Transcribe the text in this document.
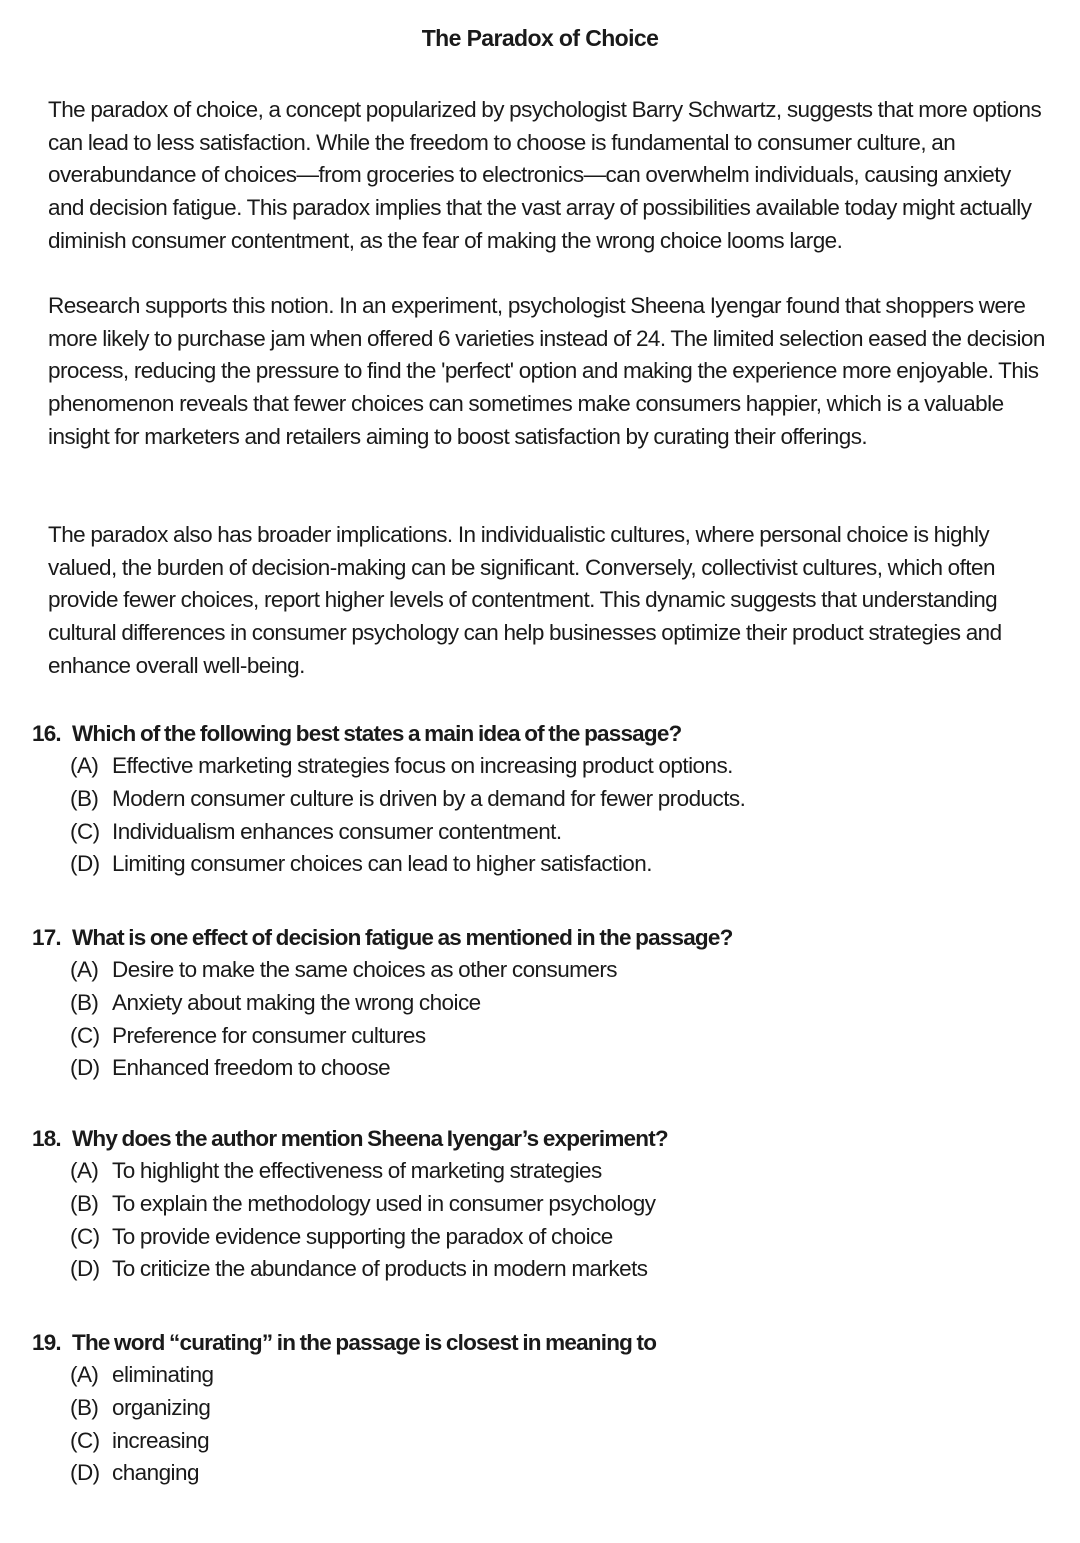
The Paradox of Choice

The paradox of choice, a concept popularized by psychologist Barry Schwartz, suggests that more options can lead to less satisfaction. While the freedom to choose is fundamental to consumer culture, an overabundance of choices—from groceries to electronics—can overwhelm individuals, causing anxiety and decision fatigue. This paradox implies that the vast array of possibilities available today might actually diminish consumer contentment, as the fear of making the wrong choice looms large.

Research supports this notion. In an experiment, psychologist Sheena Iyengar found that shoppers were more likely to purchase jam when offered 6 varieties instead of 24. The limited selection eased the decision process, reducing the pressure to find the 'perfect' option and making the experience more enjoyable. This phenomenon reveals that fewer choices can sometimes make consumers happier, which is a valuable insight for marketers and retailers aiming to boost satisfaction by curating their offerings.

The paradox also has broader implications. In individualistic cultures, where personal choice is highly valued, the burden of decision-making can be significant. Conversely, collectivist cultures, which often provide fewer choices, report higher levels of contentment. This dynamic suggests that understanding cultural differences in consumer psychology can help businesses optimize their product strategies and enhance overall well-being.

16. Which of the following best states a main idea of the passage?
(A) Effective marketing strategies focus on increasing product options.
(B) Modern consumer culture is driven by a demand for fewer products.
(C) Individualism enhances consumer contentment.
(D) Limiting consumer choices can lead to higher satisfaction.
17. What is one effect of decision fatigue as mentioned in the passage?
(A) Desire to make the same choices as other consumers
(B) Anxiety about making the wrong choice
(C) Preference for consumer cultures
(D) Enhanced freedom to choose
18. Why does the author mention Sheena Iyengar’s experiment?
(A) To highlight the effectiveness of marketing strategies
(B) To explain the methodology used in consumer psychology
(C) To provide evidence supporting the paradox of choice
(D) To criticize the abundance of products in modern markets
19. The word “curating” in the passage is closest in meaning to
(A) eliminating
(B) organizing
(C) increasing
(D) changing
